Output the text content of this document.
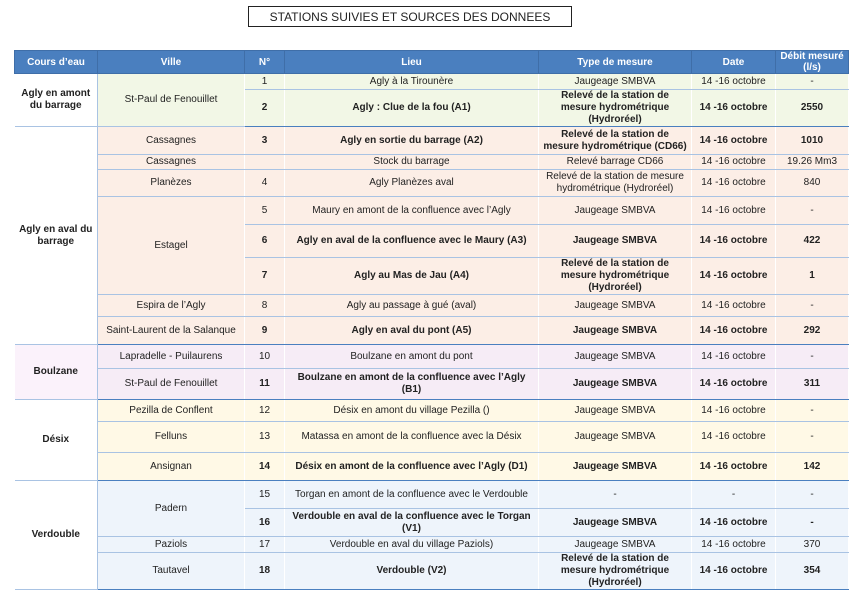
STATIONS SUIVIES ET SOURCES DES DONNEES
Cours d’eau	Ville	N°	Lieu	Type de mesure	Date	Débit mesuré (l/s)
Agly en amont du barrage	St-Paul de Fenouillet	1	Agly à la Tirounère	Jaugeage SMBVA	14 -16 octobre	-
		2	Agly : Clue de la fou (A1)	Relevé de la station de mesure hydrométrique (Hydroréel)	14 -16 octobre	2550
Agly en aval du barrage	Cassagnes	3	Agly en sortie du barrage (A2)	Relevé de la station de mesure hydrométrique (CD66)	14 -16 octobre	1010
	Cassagnes		Stock du barrage	Relevé barrage CD66	14 -16 octobre	19.26 Mm3
	Planèzes	4	Agly Planèzes aval	Relevé de la station de mesure hydrométrique (Hydroréel)	14 -16 octobre	840
	Estagel	5	Maury en amont de la confluence avec l’Agly	Jaugeage SMBVA	14 -16 octobre	-
		6	Agly en aval de la confluence avec le Maury (A3)	Jaugeage SMBVA	14 -16 octobre	422
		7	Agly au Mas de Jau (A4)	Relevé de la station de mesure hydrométrique (Hydroréel)	14 -16 octobre	1
	Espira de l’Agly	8	Agly au passage à gué (aval)	Jaugeage SMBVA	14 -16 octobre	-
	Saint-Laurent de la Salanque	9	Agly en aval du pont (A5)	Jaugeage SMBVA	14 -16 octobre	292
Boulzane	Lapradelle - Puilaurens	10	Boulzane en amont du pont	Jaugeage SMBVA	14 -16 octobre	-
	St-Paul de Fenouillet	11	Boulzane en amont de la confluence avec l’Agly (B1)	Jaugeage SMBVA	14 -16 octobre	311
Désix	Pezilla de Conflent	12	Désix en amont du village Pezilla ()	Jaugeage SMBVA	14 -16 octobre	-
	Felluns	13	Matassa en amont de la confluence avec la Désix	Jaugeage SMBVA	14 -16 octobre	-
	Ansignan	14	Désix en amont de la confluence avec l’Agly (D1)	Jaugeage SMBVA	14 -16 octobre	142
Verdouble	Padern	15	Torgan en amont de la confluence avec le Verdouble	-	-	-
		16	Verdouble en aval de la confluence avec le Torgan (V1)	Jaugeage SMBVA	14 -16 octobre	-
	Paziols	17	Verdouble en aval du village Paziols)	Jaugeage SMBVA	14 -16 octobre	370
	Tautavel	18	Verdouble (V2)	Relevé de la station de mesure hydrométrique (Hydroréel)	14 -16 octobre	354
